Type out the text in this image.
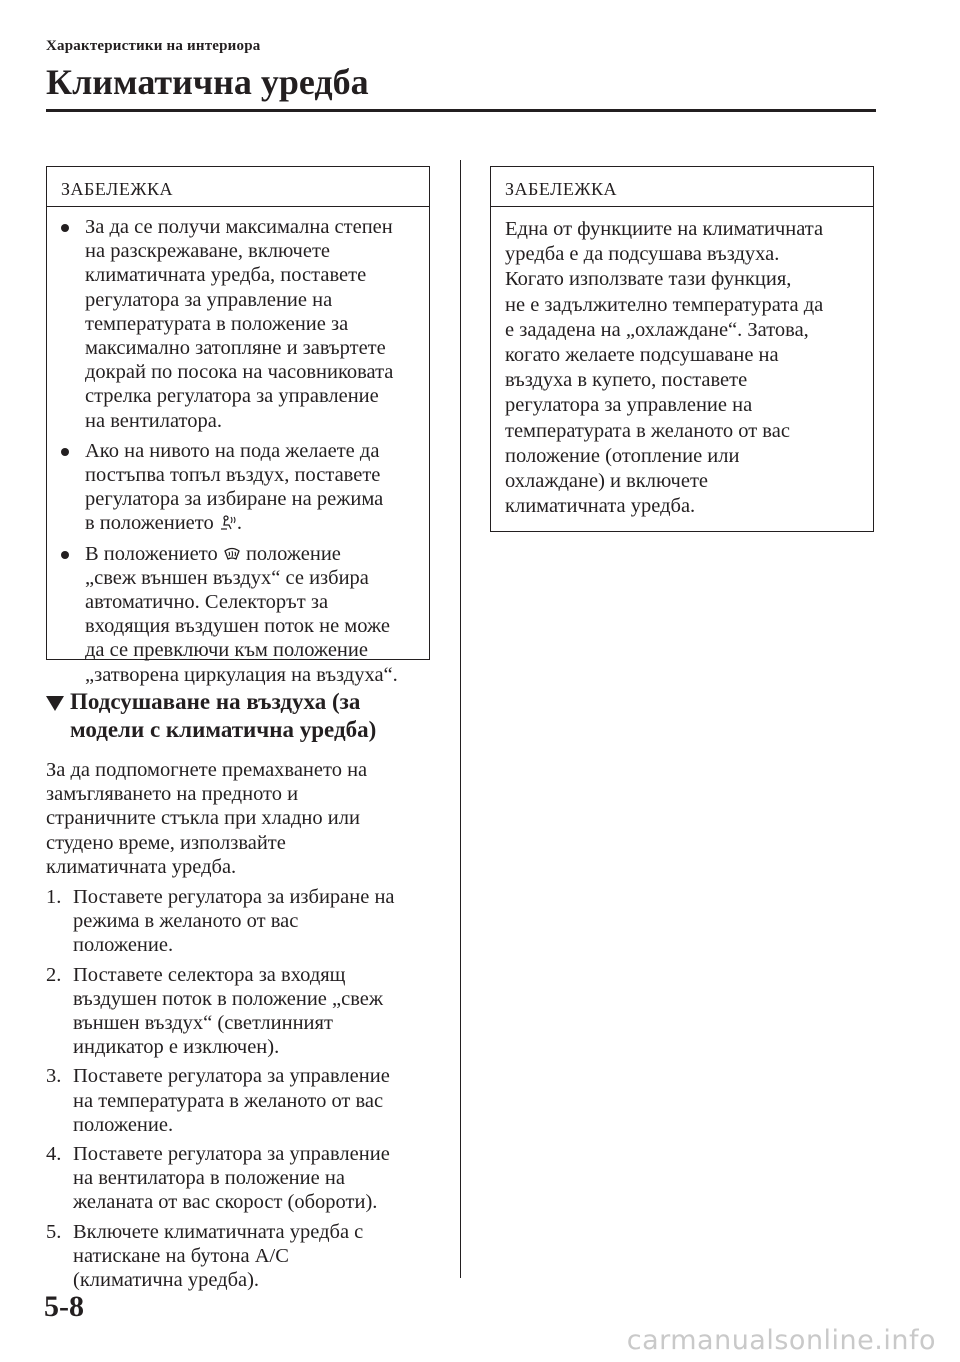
Характеристики на интериора
Климатична уредба
ЗАБЕЛЕЖКА
За да се получи максимална степен
на разскрежаване, включете
климатичната уредба, поставете
регулатора за управление на
температурата в положение за
максимално затопляне и завъртете
докрай по посока на часовниковата
стрелка регулатора за управление
на вентилатора.
Ако на нивото на пода желаете да
постъпва топъл въздух, поставете
регулатора за избиране на режима
в положението .
В положението  положение
„свеж външен въздух“ се избира
автоматично. Селекторът за
входящия въздушен поток не може
да се превключи към положение
„затворена циркулация на въздуха“.
Подсушаване на въздуха (за
модели с климатична уредба)
За да подпомогнете премахването на
замъгляването на предното и
страничните стъкла при хладно или
студено време, използвайте
климатичната уредба.
1. Поставете регулатора за избиране на
режима в желаното от вас
положение.
2. Поставете селектора за входящ
въздушен поток в положение „свеж
външен въздух“ (светлинният
индикатор е изключен).
3. Поставете регулатора за управление
на температурата в желаното от вас
положение.
4. Поставете регулатора за управление
на вентилатора в положение на
желаната от вас скорост (обороти).
5. Включете климатичната уредба с
натискане на бутона A/C
(климатична уредба).
ЗАБЕЛЕЖКА
Една от функциите на климатичната
уредба е да подсушава въздуха.
Когато използвате тази функция,
не е задължително температурата да
е зададена на „охлаждане“. Затова,
когато желаете подсушаване на
въздуха в купето, поставете
регулатора за управление на
температурата в желаното от вас
положение (отопление или
охлаждане) и включете
климатичната уредба.
5-8
carmanualsonline.info
